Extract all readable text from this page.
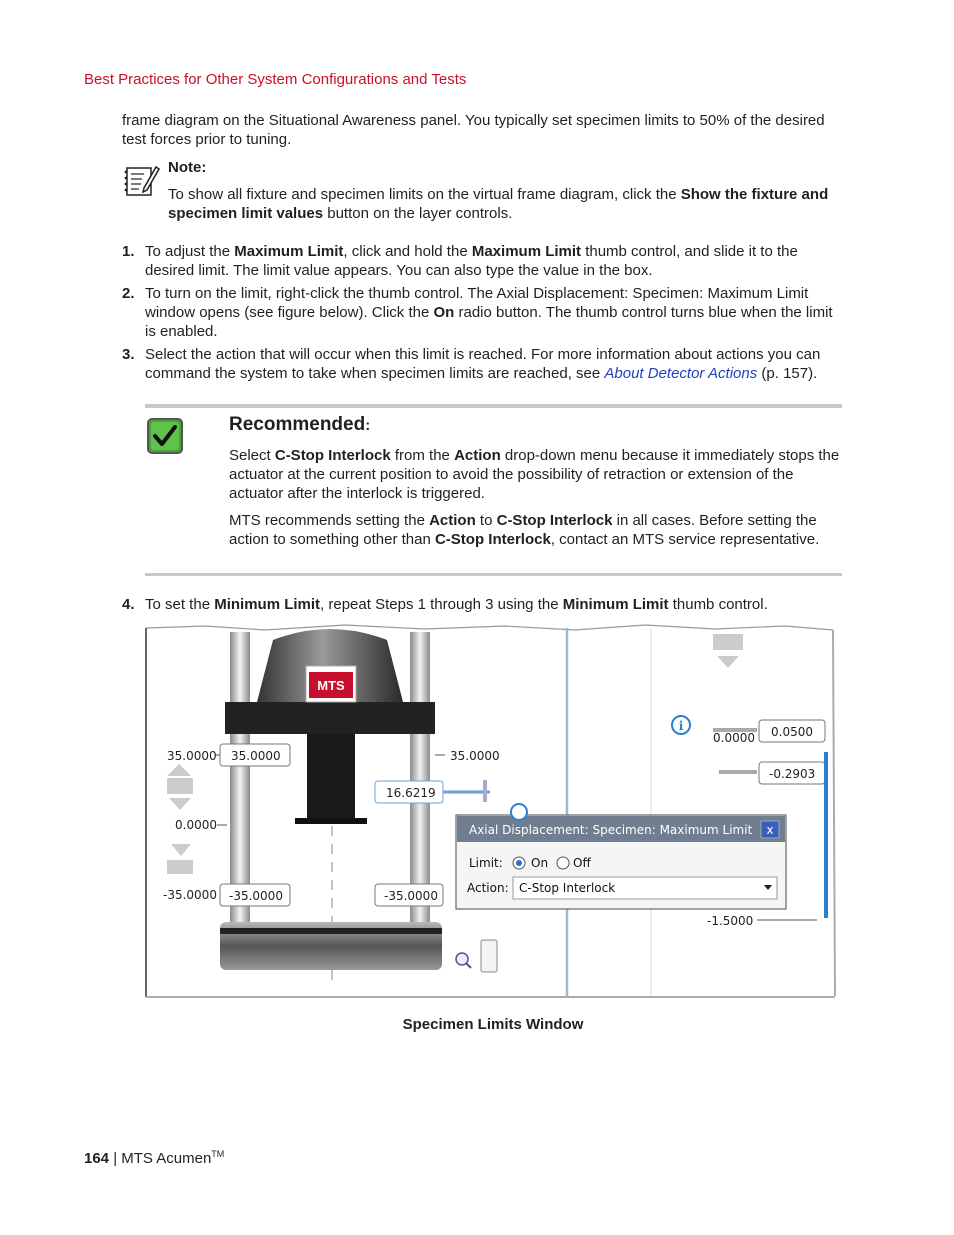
Best Practices for Other System Configurations and Tests
frame diagram on the Situational Awareness panel. You typically set specimen limits to 50% of the desired
test forces prior to tuning.
Note:
To show all fixture and specimen limits on the virtual frame diagram, click the Show the fixture and specimen limit values button on the layer controls.
1. To adjust the Maximum Limit, click and hold the Maximum Limit thumb control, and slide it to the desired limit. The limit value appears. You can also type the value in the box.
2. To turn on the limit, right-click the thumb control. The Axial Displacement: Specimen: Maximum Limit window opens (see figure below). Click the On radio button. The thumb control turns blue when the limit is enabled.
3. Select the action that will occur when this limit is reached. For more information about actions you can command the system to take when specimen limits are reached, see About Detector Actions (p. 157).
Recommended:
Select C-Stop Interlock from the Action drop-down menu because it immediately stops the actuator at the current position to avoid the possibility of retraction or extension of the actuator after the interlock is triggered.
MTS recommends setting the Action to C-Stop Interlock in all cases. Before setting the action to something other than C-Stop Interlock, contact an MTS service representative.
4. To set the Minimum Limit, repeat Steps 1 through 3 using the Minimum Limit thumb control.
MTS
35.0000 35.0000
0.0000
-35.0000 -35.0000
35.0000
16.6219
-35.0000
i
0.0000 0.0500
-0.2903
-1.5000
Axial Displacement: Specimen: Maximum Limit x
Limit: On Off
Action: C-Stop Interlock
Specimen Limits Window
164 | MTS Acumen™
